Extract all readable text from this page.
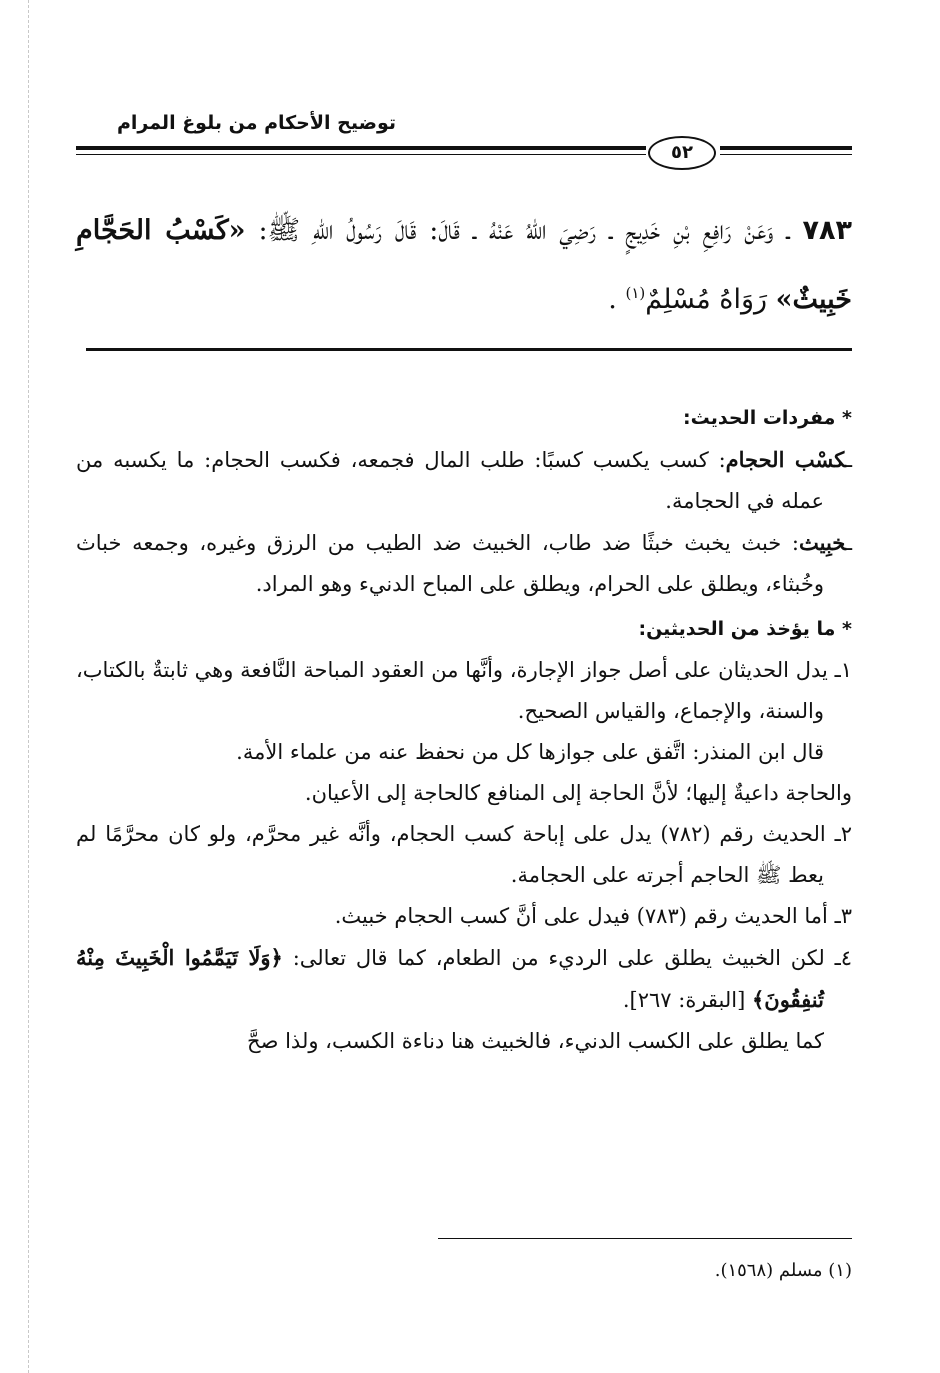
توضيح الأحكام من بلوغ المرام
٥٢
٧٨٣ ـ وَعَنْ رَافِعِ بْنِ خَدِيجٍ ـ رَضِيَ اللهُ عَنْهُ ـ قَالَ: قَالَ رَسُولُ اللهِ ﷺ: «كَسْبُ الحَجَّامِ خَبِيثٌ» رَوَاهُ مُسْلِمٌ$^{(١)}$ .

* مفردات الحديث:

ـكسْب الحجام: كسب يكسب كسبًا: طلب المال فجمعه، فكسب الحجام: ما يكسبه من عمله في الحجامة.

ـخبِيث: خبث يخبث خبثًا ضد طاب، الخبيث ضد الطيب من الرزق وغيره، وجمعه خباث وخُبثاء، ويطلق على الحرام، ويطلق على المباح الدنيء وهو المراد.

* ما يؤخذ من الحديثين:

١ـ يدل الحديثان على أصل جواز الإجارة، وأنَّها من العقود المباحة النَّافعة وهي ثابتةٌ بالكتاب، والسنة، والإجماع، والقياس الصحيح.

قال ابن المنذر: اتَّفق على جوازها كل من نحفظ عنه من علماء الأمة.

والحاجة داعيةٌ إليها؛ لأنَّ الحاجة إلى المنافع كالحاجة إلى الأعيان.

٢ـ الحديث رقم (٧٨٢) يدل على إباحة كسب الحجام، وأنَّه غير محرَّم، ولو كان محرَّمًا لم يعط ﷺ الحاجم أجرته على الحجامة.

٣ـ أما الحديث رقم (٧٨٣) فيدل على أنَّ كسب الحجام خبيث.

٤ـ لكن الخبيث يطلق على الرديء من الطعام، كما قال تعالى: ﴿وَلَا تَيَمَّمُوا الْخَبِيثَ مِنْهُ تُنفِقُونَ﴾ [البقرة: ٢٦٧].

كما يطلق على الكسب الدنيء، فالخبيث هنا دناءة الكسب، ولذا صحَّ

(١) مسلم (١٥٦٨).
